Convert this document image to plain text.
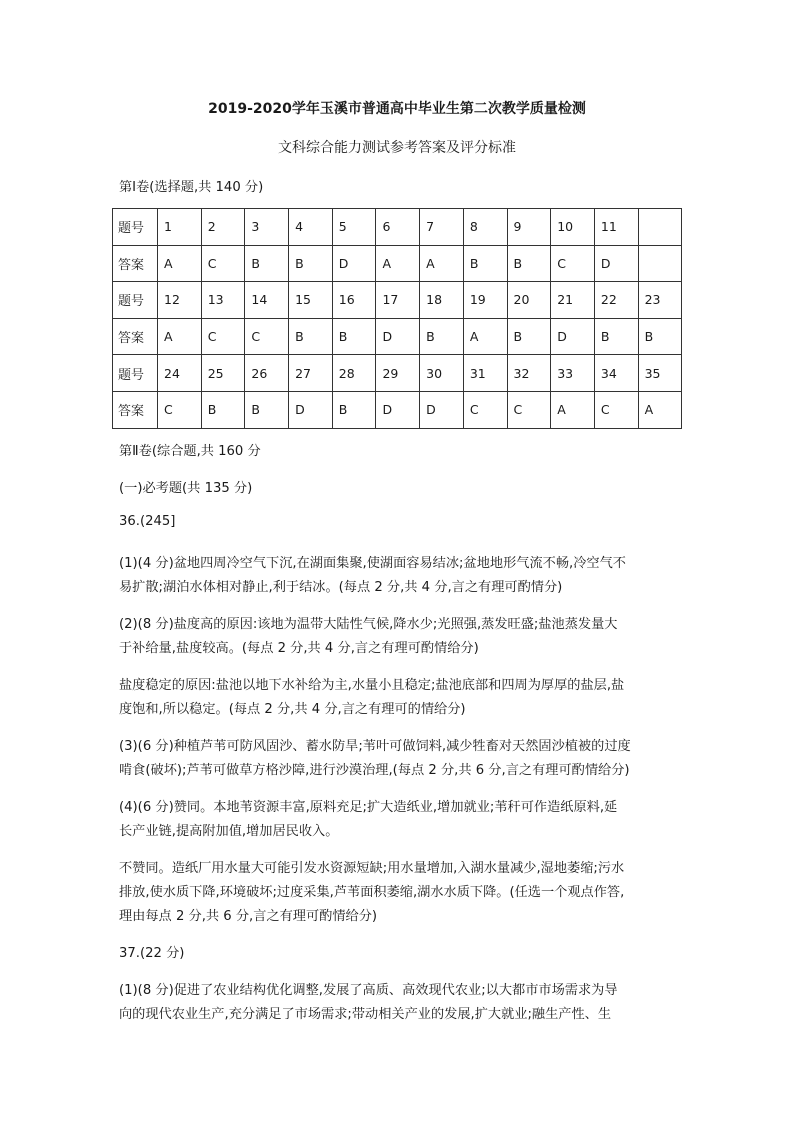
2019-2020学年玉溪市普通高中毕业生第二次教学质量检测
文科综合能力测试参考答案及评分标准
第Ⅰ卷(选择题,共 140 分)
题号	1	2	3	4	5	6	7	8	9	10	11	
答案	A	C	B	B	D	A	A	B	B	C	D	
题号	12	13	14	15	16	17	18	19	20	21	22	23
答案	A	C	C	B	B	D	B	A	B	D	B	B
题号	24	25	26	27	28	29	30	31	32	33	34	35
答案	C	B	B	D	B	D	D	C	C	A	C	A
第Ⅱ卷(综合题,共 160 分
(一)必考题(共 135 分)
36.(245]
(1)(4 分)盆地四周冷空气下沉,在湖面集聚,使湖面容易结冰;盆地地形气流不畅,冷空气不
易扩散;湖泊水体相对静止,利于结冰。(每点 2 分,共 4 分,言之有理可酌情分)
(2)(8 分)盐度高的原因:该地为温带大陆性气候,降水少;光照强,蒸发旺盛;盐池蒸发量大
于补给量,盐度较高。(每点 2 分,共 4 分,言之有理可酌情给分)
盐度稳定的原因:盐池以地下水补给为主,水量小且稳定;盐池底部和四周为厚厚的盐层,盐
度饱和,所以稳定。(每点 2 分,共 4 分,言之有理可的情给分)
(3)(6 分)种植芦苇可防风固沙、蓄水防旱;苇叶可做饲料,减少牲畜对天然固沙植被的过度
啃食(破坏);芦苇可做草方格沙障,进行沙漠治理,(每点 2 分,共 6 分,言之有理可酌情给分)
(4)(6 分)赞同。本地苇资源丰富,原料充足;扩大造纸业,增加就业;苇秆可作造纸原料,延
长产业链,提高附加值,增加居民收入。
不赞同。造纸厂用水量大可能引发水资源短缺;用水量增加,入湖水量减少,湿地萎缩;污水
排放,使水质下降,环境破坏;过度采集,芦苇面积萎缩,湖水水质下降。(任选一个观点作答,
理由每点 2 分,共 6 分,言之有理可酌情给分)
37.(22 分)
(1)(8 分)促进了农业结构优化调整,发展了高质、高效现代农业;以大都市市场需求为导
向的现代农业生产,充分满足了市场需求;带动相关产业的发展,扩大就业;融生产性、生
